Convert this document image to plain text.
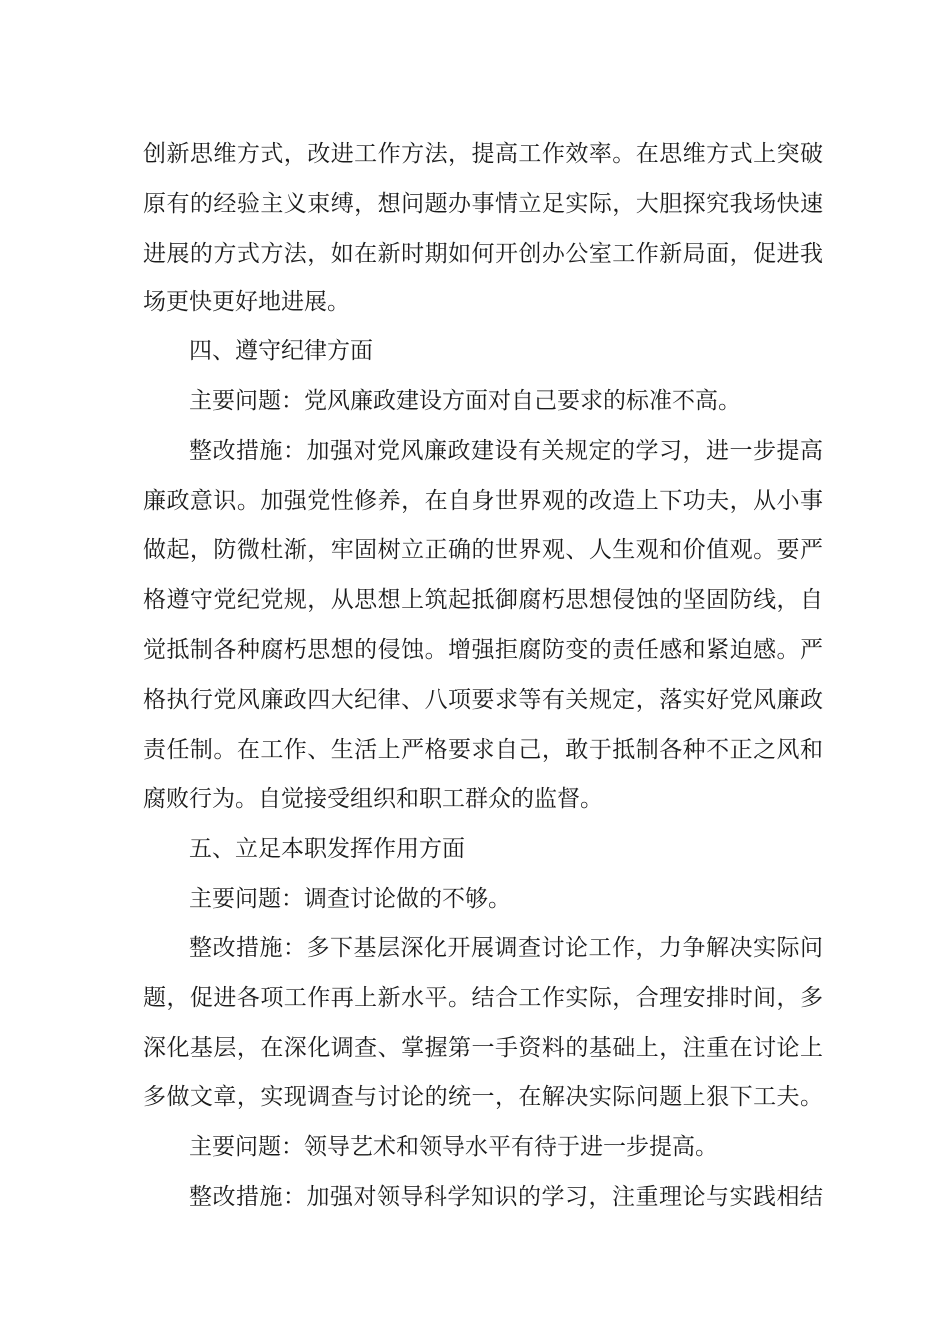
创新思维方式，改进工作方法，提高工作效率。在思维方式上突破
原有的经验主义束缚，想问题办事情立足实际，大胆探究我场快速
进展的方式方法，如在新时期如何开创办公室工作新局面，促进我
场更快更好地进展。
四、遵守纪律方面
主要问题：党风廉政建设方面对自己要求的标准不高。
整改措施：加强对党风廉政建设有关规定的学习，进一步提高
廉政意识。加强党性修养，在自身世界观的改造上下功夫，从小事
做起，防微杜渐，牢固树立正确的世界观、人生观和价值观。要严
格遵守党纪党规，从思想上筑起抵御腐朽思想侵蚀的坚固防线，自
觉抵制各种腐朽思想的侵蚀。增强拒腐防变的责任感和紧迫感。严
格执行党风廉政四大纪律、八项要求等有关规定，落实好党风廉政
责任制。在工作、生活上严格要求自己，敢于抵制各种不正之风和
腐败行为。自觉接受组织和职工群众的监督。
五、立足本职发挥作用方面
主要问题：调查讨论做的不够。
整改措施：多下基层深化开展调查讨论工作，力争解决实际问
题，促进各项工作再上新水平。结合工作实际，合理安排时间，多
深化基层，在深化调查、掌握第一手资料的基础上，注重在讨论上
多做文章，实现调查与讨论的统一，在解决实际问题上狠下工夫。
主要问题：领导艺术和领导水平有待于进一步提高。
整改措施：加强对领导科学知识的学习，注重理论与实践相结
